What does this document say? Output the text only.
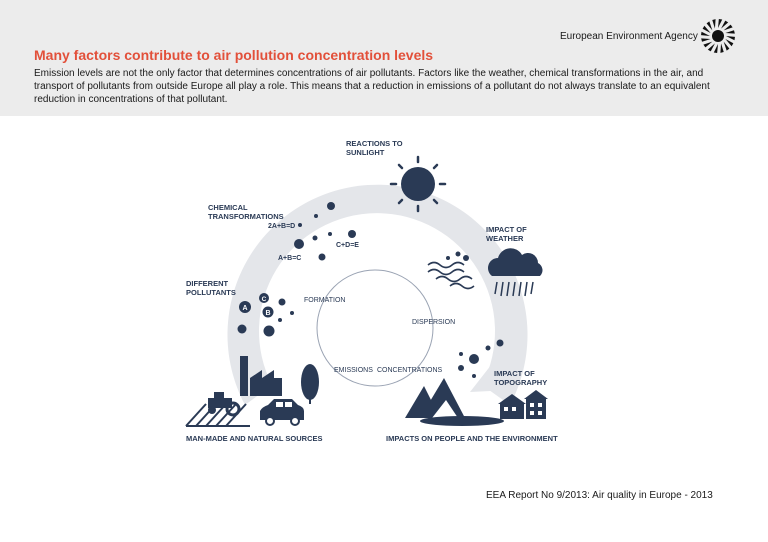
European Environment Agency
Many factors contribute to air pollution concentration levels
Emission levels are not the only factor that determines concentrations of air pollutants. Factors like the weather, chemical transformations in the air, and transport of pollutants from outside Europe all play a role. This means that a reduction in emissions of a pollutant do not always translate to an equivalent reduction in concentrations of that pollutant.
REACTIONS TO
SUNLIGHT
CHEMICAL
TRANSFORMATIONS
2A+B=D
A+B=C
C+D=E
IMPACT OF
WEATHER
DIFFERENT
POLLUTANTS
A
B
C	FORMATION
DISPERSION
EMISSIONS CONCENTRATIONS	IMPACT OF
TOPOGRAPHY
MAN-MADE AND NATURAL SOURCES	IMPACTS ON PEOPLE AND THE ENVIRONMENT
EEA Report No 9/2013: Air quality in Europe - 2013
